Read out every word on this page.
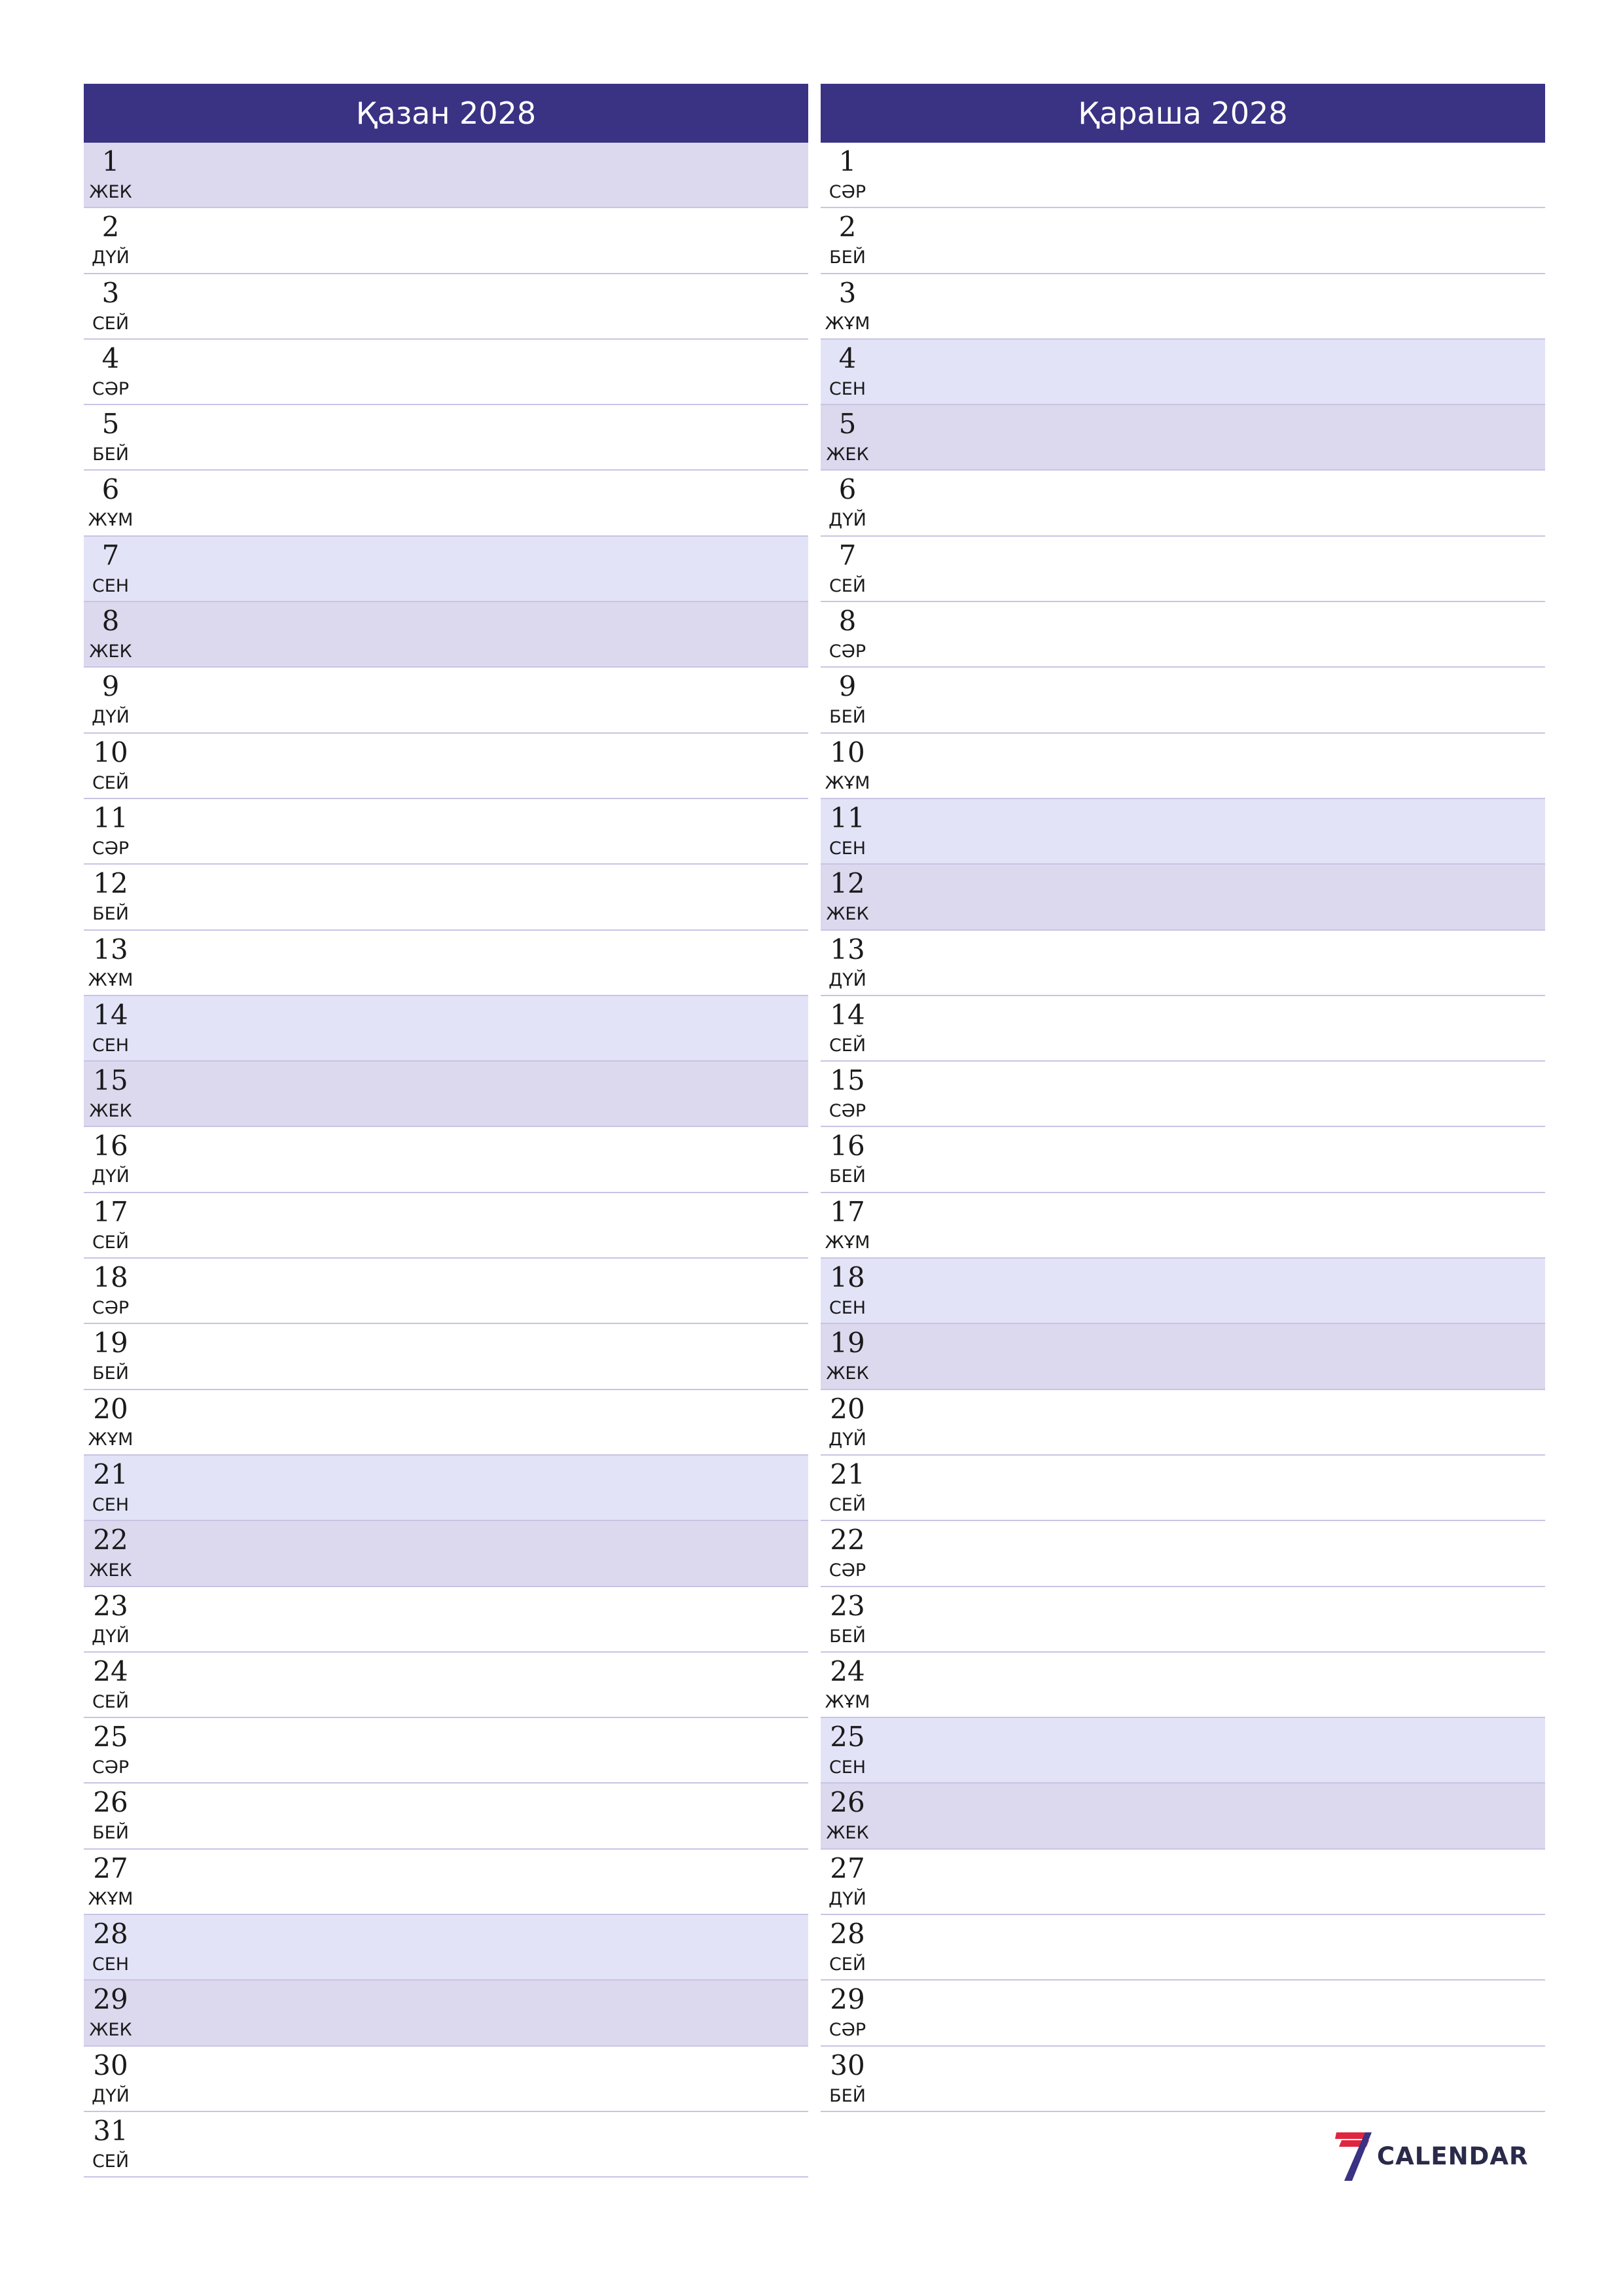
Қазан 2028
1
ЖЕК
2
ДҮЙ
3
СЕЙ
4
СӘР
5
БЕЙ
6
ЖҰМ
7
СЕН
8
ЖЕК
9
ДҮЙ
10
СЕЙ
11
СӘР
12
БЕЙ
13
ЖҰМ
14
СЕН
15
ЖЕК
16
ДҮЙ
17
СЕЙ
18
СӘР
19
БЕЙ
20
ЖҰМ
21
СЕН
22
ЖЕК
23
ДҮЙ
24
СЕЙ
25
СӘР
26
БЕЙ
27
ЖҰМ
28
СЕН
29
ЖЕК
30
ДҮЙ
31
СЕЙ
Қараша 2028
1
СӘР
2
БЕЙ
3
ЖҰМ
4
СЕН
5
ЖЕК
6
ДҮЙ
7
СЕЙ
8
СӘР
9
БЕЙ
10
ЖҰМ
11
СЕН
12
ЖЕК
13
ДҮЙ
14
СЕЙ
15
СӘР
16
БЕЙ
17
ЖҰМ
18
СЕН
19
ЖЕК
20
ДҮЙ
21
СЕЙ
22
СӘР
23
БЕЙ
24
ЖҰМ
25
СЕН
26
ЖЕК
27
ДҮЙ
28
СЕЙ
29
СӘР
30
БЕЙ
CALENDAR
